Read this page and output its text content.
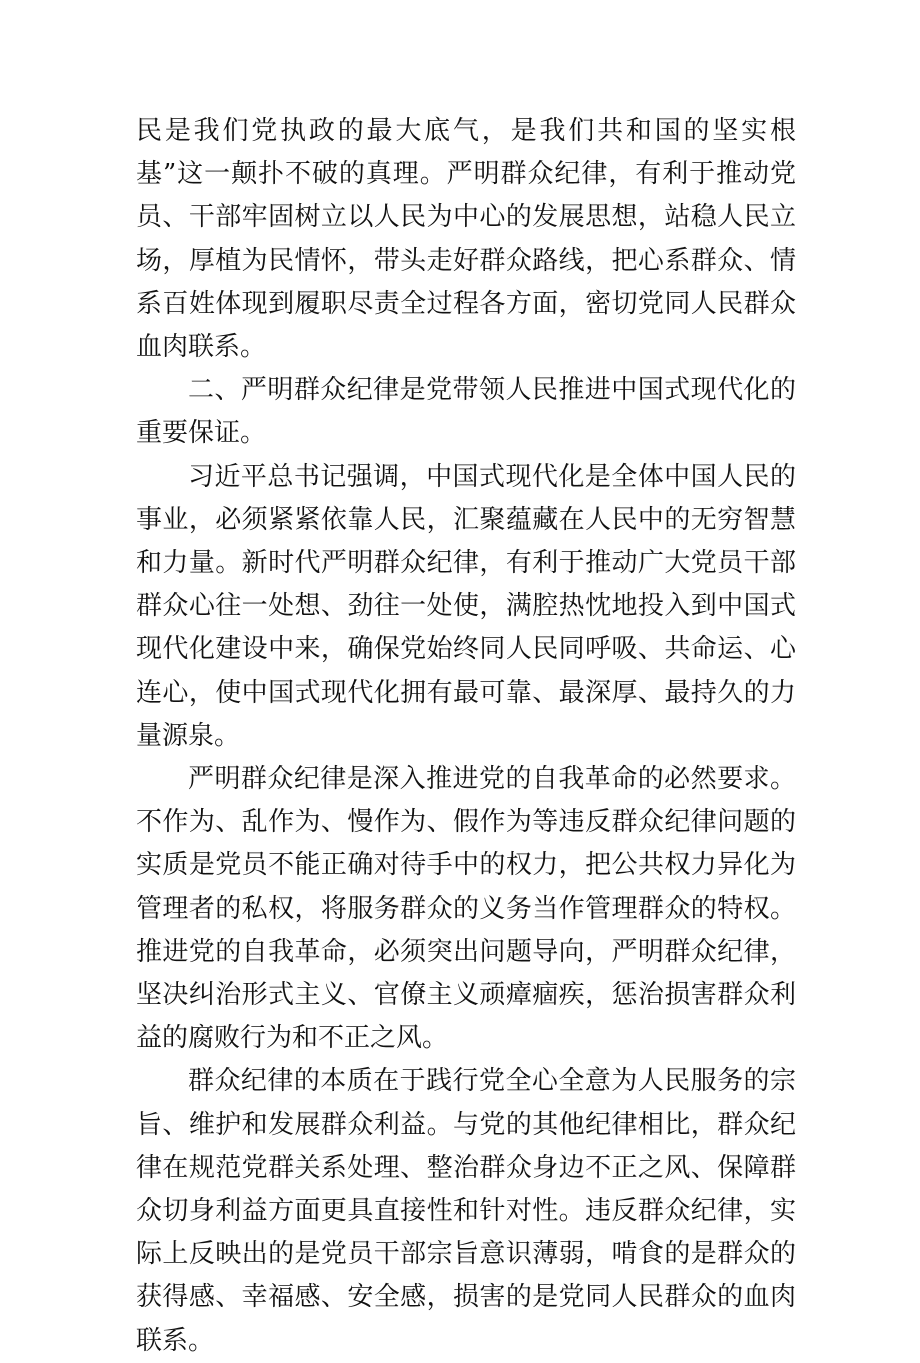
民是我们党执政的最大底气，是我们共和国的坚实根基”这一颠扑不破的真理。严明群众纪律，有利于推动党员、干部牢固树立以人民为中心的发展思想，站稳人民立场，厚植为民情怀，带头走好群众路线，把心系群众、情系百姓体现到履职尽责全过程各方面，密切党同人民群众血肉联系。

二、严明群众纪律是党带领人民推进中国式现代化的重要保证。

习近平总书记强调，中国式现代化是全体中国人民的事业，必须紧紧依靠人民，汇聚蕴藏在人民中的无穷智慧和力量。新时代严明群众纪律，有利于推动广大党员干部群众心往一处想、劲往一处使，满腔热忱地投入到中国式现代化建设中来，确保党始终同人民同呼吸、共命运、心连心，使中国式现代化拥有最可靠、最深厚、最持久的力量源泉。

严明群众纪律是深入推进党的自我革命的必然要求。不作为、乱作为、慢作为、假作为等违反群众纪律问题的实质是党员不能正确对待手中的权力，把公共权力异化为管理者的私权，将服务群众的义务当作管理群众的特权。推进党的自我革命，必须突出问题导向，严明群众纪律，坚决纠治形式主义、官僚主义顽瘴痼疾，惩治损害群众利益的腐败行为和不正之风。

群众纪律的本质在于践行党全心全意为人民服务的宗旨、维护和发展群众利益。与党的其他纪律相比，群众纪律在规范党群关系处理、整治群众身边不正之风、保障群众切身利益方面更具直接性和针对性。违反群众纪律，实际上反映出的是党员干部宗旨意识薄弱，啃食的是群众的获得感、幸福感、安全感，损害的是党同人民群众的血肉联系。
